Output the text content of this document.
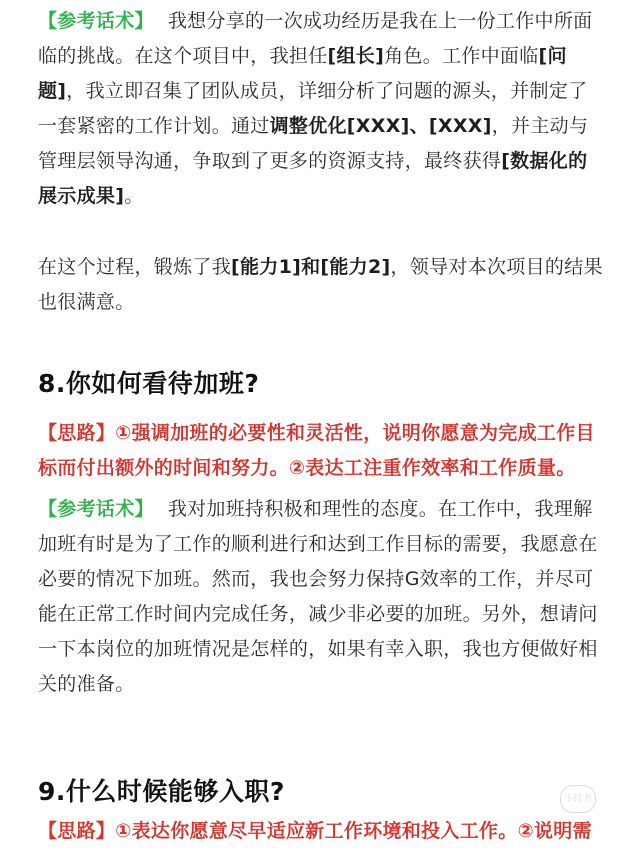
【参考话术】 我想分享的一次成功经历是我在上一份工作中所面临的挑战。在这个项目中，我担任[组长]角色。工作中面临[问题]，我立即召集了团队成员，详细分析了问题的源头，并制定了一套紧密的工作计划。通过调整优化[XXX]、[XXX]，并主动与管理层领导沟通，争取到了更多的资源支持，最终获得[数据化的展示成果]。

在这个过程，锻炼了我[能力1]和[能力2]，领导对本次项目的结果也很满意。

8.你如何看待加班?

【思路】①强调加班的必要性和灵活性，说明你愿意为完成工作目标而付出额外的时间和努力。②表达工注重作效率和工作质量。

【参考话术】 我对加班持积极和理性的态度。在工作中，我理解加班有时是为了工作的顺利进行和达到工作目标的需要，我愿意在必要的情况下加班。然而，我也会努力保持G效率的工作，并尽可能在正常工作时间内完成任务，减少非必要的加班。另外，想请问一下本岗位的加班情况是怎样的，如果有幸入职，我也方便做好相关的准备。

9.什么时候能够入职?

【思路】①表达你愿意尽早适应新工作环境和投入工作。②说明需

小红书
